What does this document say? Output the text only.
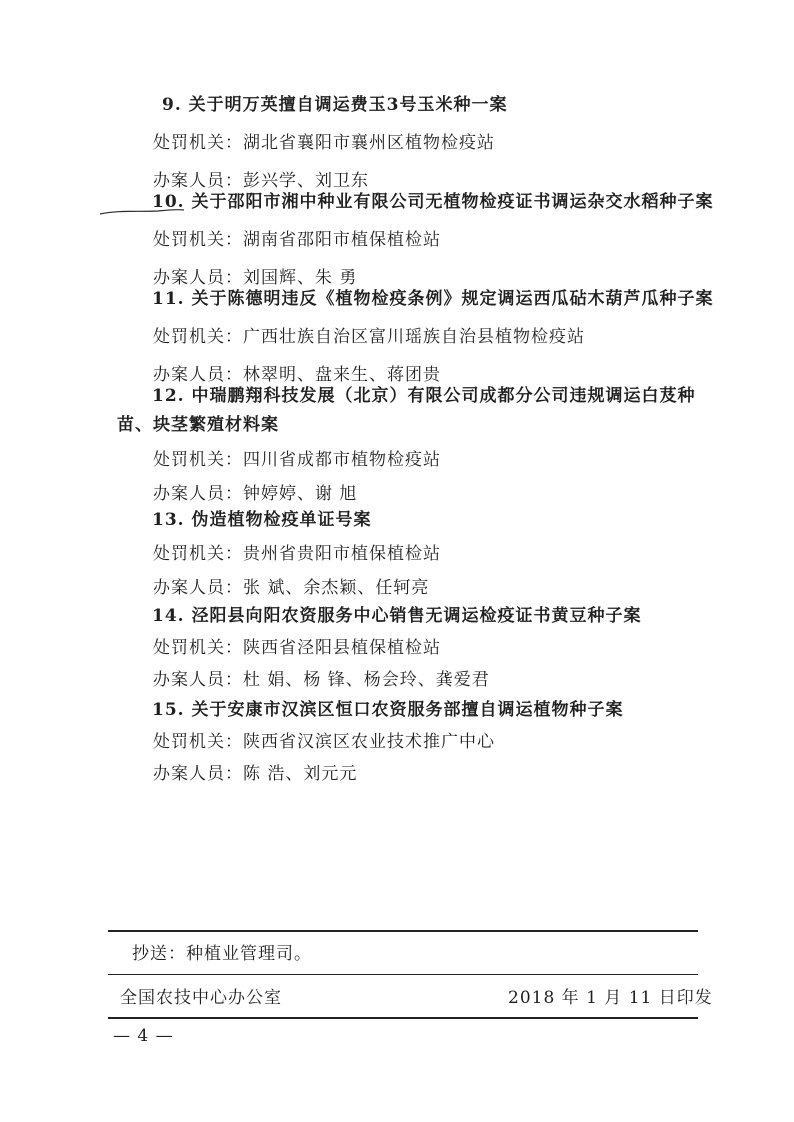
9. 关于明万英擅自调运费玉3号玉米种一案
处罚机关：湖北省襄阳市襄州区植物检疫站
办案人员：彭兴学、刘卫东
10. 关于邵阳市湘中种业有限公司无植物检疫证书调运杂交水稻种子案
处罚机关：湖南省邵阳市植保植检站
办案人员：刘国辉、朱 勇
11. 关于陈德明违反《植物检疫条例》规定调运西瓜砧木葫芦瓜种子案
处罚机关：广西壮族自治区富川瑶族自治县植物检疫站
办案人员：林翠明、盘来生、蒋团贵
12. 中瑞鹏翔科技发展（北京）有限公司成都分公司违规调运白芨种
苗、块茎繁殖材料案
处罚机关：四川省成都市植物检疫站
办案人员：钟婷婷、谢 旭
13. 伪造植物检疫单证号案
处罚机关：贵州省贵阳市植保植检站
办案人员：张 斌、余杰颖、任轲亮
14. 泾阳县向阳农资服务中心销售无调运检疫证书黄豆种子案
处罚机关：陕西省泾阳县植保植检站
办案人员：杜 娟、杨 锋、杨会玲、龚爱君
15. 关于安康市汉滨区恒口农资服务部擅自调运植物种子案
处罚机关：陕西省汉滨区农业技术推广中心
办案人员：陈 浩、刘元元
抄送：种植业管理司。
全国农技中心办公室	2018 年 1 月 11 日印发
— 4 —
